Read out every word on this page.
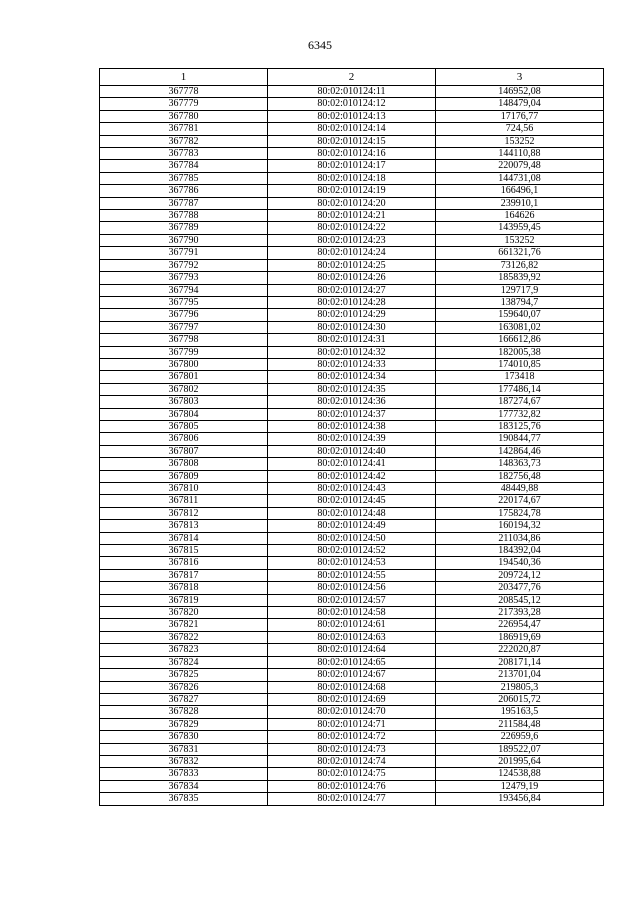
6345
1	2	3
367778	80:02:010124:11	146952,08
367779	80:02:010124:12	148479,04
367780	80:02:010124:13	17176,77
367781	80:02:010124:14	724,56
367782	80:02:010124:15	153252
367783	80:02:010124:16	144110,88
367784	80:02:010124:17	220079,48
367785	80:02:010124:18	144731,08
367786	80:02:010124:19	166496,1
367787	80:02:010124:20	239910,1
367788	80:02:010124:21	164626
367789	80:02:010124:22	143959,45
367790	80:02:010124:23	153252
367791	80:02:010124:24	661321,76
367792	80:02:010124:25	73126,82
367793	80:02:010124:26	185839,92
367794	80:02:010124:27	129717,9
367795	80:02:010124:28	138794,7
367796	80:02:010124:29	159640,07
367797	80:02:010124:30	163081,02
367798	80:02:010124:31	166612,86
367799	80:02:010124:32	182005,38
367800	80:02:010124:33	174010,85
367801	80:02:010124:34	173418
367802	80:02:010124:35	177486,14
367803	80:02:010124:36	187274,67
367804	80:02:010124:37	177732,82
367805	80:02:010124:38	183125,76
367806	80:02:010124:39	190844,77
367807	80:02:010124:40	142864,46
367808	80:02:010124:41	148363,73
367809	80:02:010124:42	182756,48
367810	80:02:010124:43	48449,88
367811	80:02:010124:45	220174,67
367812	80:02:010124:48	175824,78
367813	80:02:010124:49	160194,32
367814	80:02:010124:50	211034,86
367815	80:02:010124:52	184392,04
367816	80:02:010124:53	194540,36
367817	80:02:010124:55	209724,12
367818	80:02:010124:56	203477,76
367819	80:02:010124:57	208545,12
367820	80:02:010124:58	217393,28
367821	80:02:010124:61	226954,47
367822	80:02:010124:63	186919,69
367823	80:02:010124:64	222020,87
367824	80:02:010124:65	208171,14
367825	80:02:010124:67	213701,04
367826	80:02:010124:68	219805,3
367827	80:02:010124:69	206015,72
367828	80:02:010124:70	195163,5
367829	80:02:010124:71	211584,48
367830	80:02:010124:72	226959,6
367831	80:02:010124:73	189522,07
367832	80:02:010124:74	201995,64
367833	80:02:010124:75	124538,88
367834	80:02:010124:76	12479,19
367835	80:02:010124:77	193456,84
